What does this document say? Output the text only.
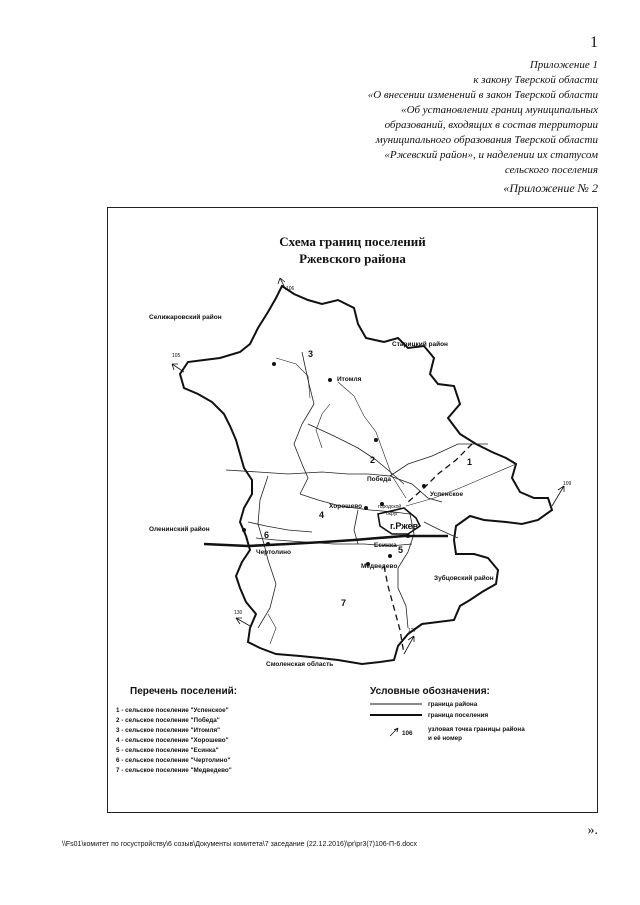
1
Приложение 1
к закону Тверской области
«О внесении изменений в закон Тверской области
«Об установлении границ муниципальных
образований, входящих в состав территории
муниципального образования Тверской области
«Ржевский район», и наделении их статусом
сельского поселения
«Приложение № 2
Схема границ поселений
Ржевского района
Селижаровский район
Старицкий район
Оленинский район
Зубцовский район
Смоленская область
Итомля
Победа
Успенское
Хорошево
Есинка
Чертолино
Медведево
г.Ржев
городской
округ
3
2	1
4
6
5
7
106
105
109
130
127
Перечень поселений:
1 - сельское поселение "Успенское"
2 - сельское поселение "Победа"
3 - сельское поселение "Итомля"
4 - сельское поселение "Хорошево"
5 - сельское поселение "Есинка"
6 - сельское поселение "Чертолино"
7 - сельское поселение "Медведево"
Условные обозначения:
граница района
граница поселения
106
узловая точка границы района
и её номер
».
\\Fs01\комитет по госустройству\6 созыв\Документы комитета\7 заседание (22.12.2016)\pr\pr3(7)106-П-6.docx
